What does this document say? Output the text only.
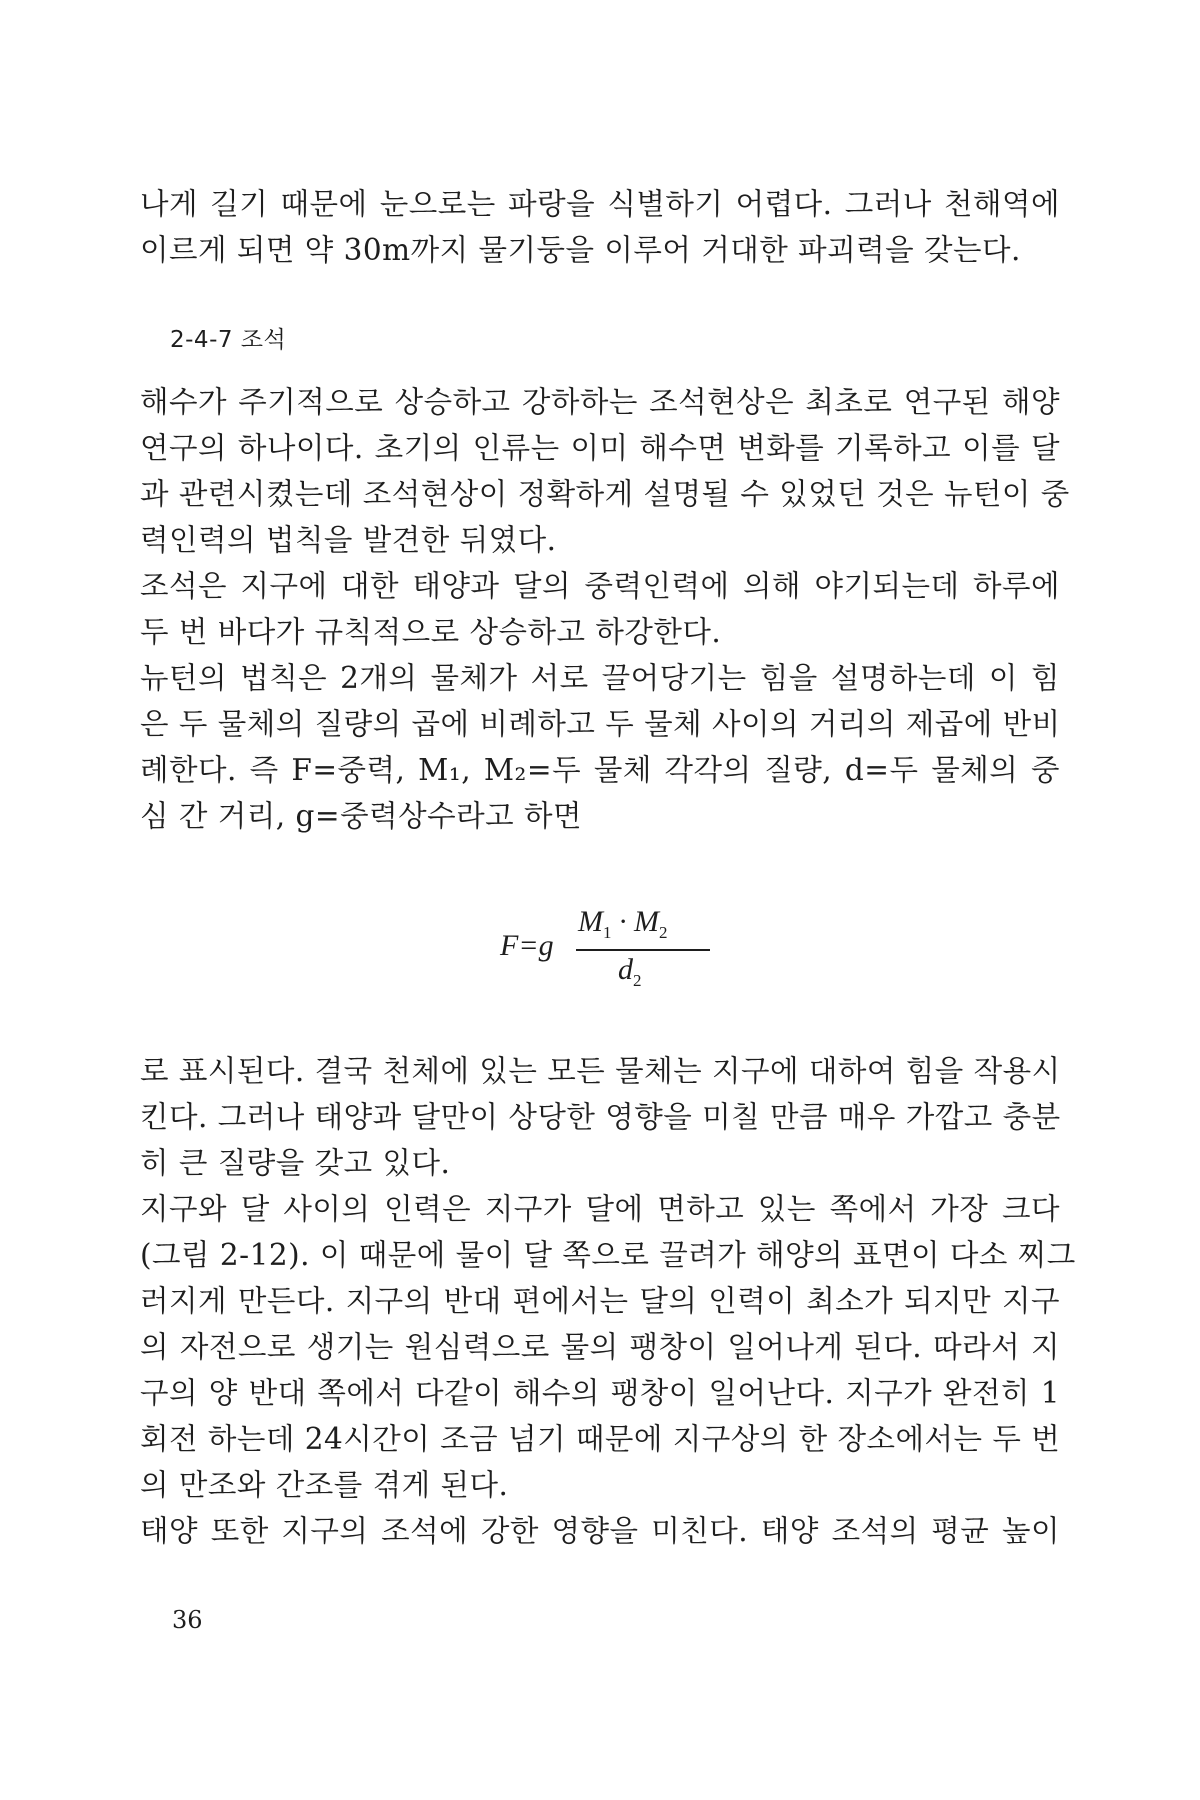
나게 길기 때문에 눈으로는 파랑을 식별하기 어렵다. 그러나 천해역에
이르게 되면 약 30m까지 물기둥을 이루어 거대한 파괴력을 갖는다.
2-4-7 조석
해수가 주기적으로 상승하고 강하하는 조석현상은 최초로 연구된 해양
연구의 하나이다. 초기의 인류는 이미 해수면 변화를 기록하고 이를 달
과 관련시켰는데 조석현상이 정확하게 설명될 수 있었던 것은 뉴턴이 중
력인력의 법칙을 발견한 뒤였다.
조석은 지구에 대한 태양과 달의 중력인력에 의해 야기되는데 하루에
두 번 바다가 규칙적으로 상승하고 하강한다.
뉴턴의 법칙은 2개의 물체가 서로 끌어당기는 힘을 설명하는데 이 힘
은 두 물체의 질량의 곱에 비례하고 두 물체 사이의 거리의 제곱에 반비
례한다. 즉 F=중력, M₁, M₂=두 물체 각각의 질량, d=두 물체의 중
심 간 거리, g=중력상수라고 하면
F=g
$M_1 \cdot M_2$
$d_2$
로 표시된다. 결국 천체에 있는 모든 물체는 지구에 대하여 힘을 작용시
킨다. 그러나 태양과 달만이 상당한 영향을 미칠 만큼 매우 가깝고 충분
히 큰 질량을 갖고 있다.
지구와 달 사이의 인력은 지구가 달에 면하고 있는 쪽에서 가장 크다
(그림 2-12). 이 때문에 물이 달 쪽으로 끌려가 해양의 표면이 다소 찌그
러지게 만든다. 지구의 반대 편에서는 달의 인력이 최소가 되지만 지구
의 자전으로 생기는 원심력으로 물의 팽창이 일어나게 된다. 따라서 지
구의 양 반대 쪽에서 다같이 해수의 팽창이 일어난다. 지구가 완전히 1
회전 하는데 24시간이 조금 넘기 때문에 지구상의 한 장소에서는 두 번
의 만조와 간조를 겪게 된다.
태양 또한 지구의 조석에 강한 영향을 미친다. 태양 조석의 평균 높이
36
